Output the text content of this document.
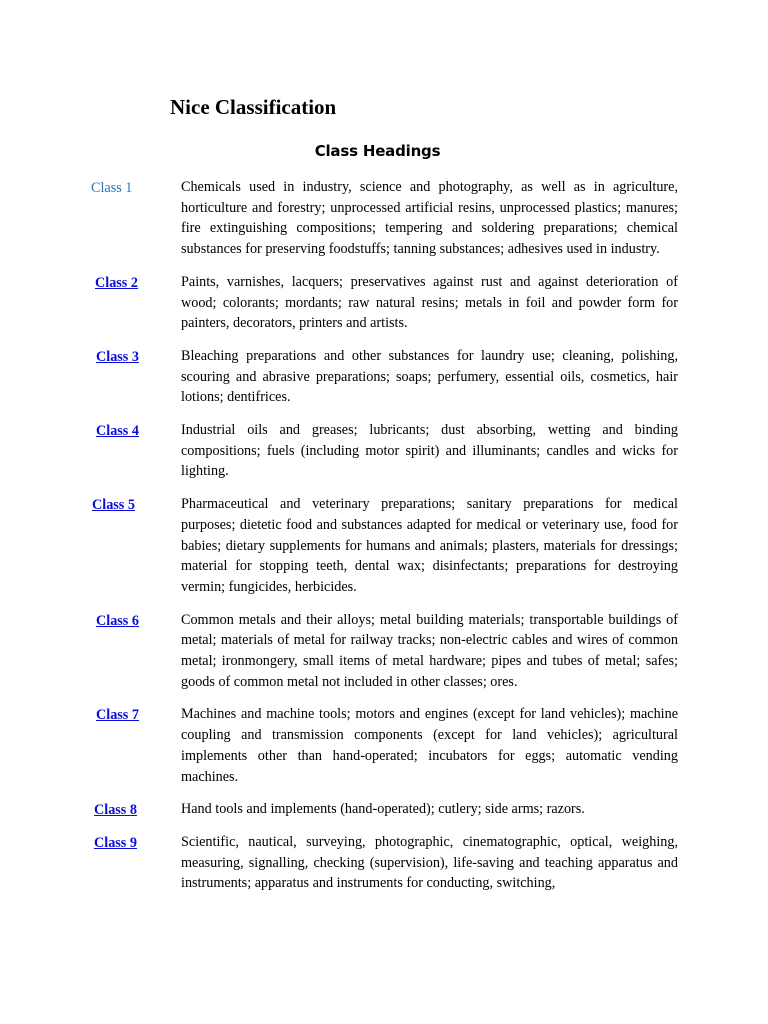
Nice Classification
Class Headings
Class 1	Chemicals used in industry, science and photography, as well as in agriculture, horticulture and forestry; unprocessed artificial resins, unprocessed plastics; manures; fire extinguishing compositions; tempering and soldering preparations; chemical substances for preserving foodstuffs; tanning substances; adhesives used in industry.

Class 2	Paints, varnishes, lacquers; preservatives against rust and against deterioration of wood; colorants; mordants; raw natural resins; metals in foil and powder form for painters, decorators, printers and artists.

Class 3	Bleaching preparations and other substances for laundry use; cleaning, polishing, scouring and abrasive preparations; soaps; perfumery, essential oils, cosmetics, hair lotions; dentifrices.

Class 4	Industrial oils and greases; lubricants; dust absorbing, wetting and binding compositions; fuels (including motor spirit) and illuminants; candles and wicks for lighting.

Class 5	Pharmaceutical and veterinary preparations; sanitary preparations for medical purposes; dietetic food and substances adapted for medical or veterinary use, food for babies; dietary supplements for humans and animals; plasters, materials for dressings; material for stopping teeth, dental wax; disinfectants; preparations for destroying vermin; fungicides, herbicides.

Class 6	Common metals and their alloys; metal building materials; transportable buildings of metal; materials of metal for railway tracks; non-electric cables and wires of common metal; ironmongery, small items of metal hardware; pipes and tubes of metal; safes; goods of common metal not included in other classes; ores.

Class 7	Machines and machine tools; motors and engines (except for land vehicles); machine coupling and transmission components (except for land vehicles); agricultural implements other than hand-operated; incubators for eggs; automatic vending machines.

Class 8	Hand tools and implements (hand-operated); cutlery; side arms; razors.

Class 9	Scientific, nautical, surveying, photographic, cinematographic, optical, weighing, measuring, signalling, checking (supervision), life-saving and teaching apparatus and instruments; apparatus and instruments for conducting, switching,
